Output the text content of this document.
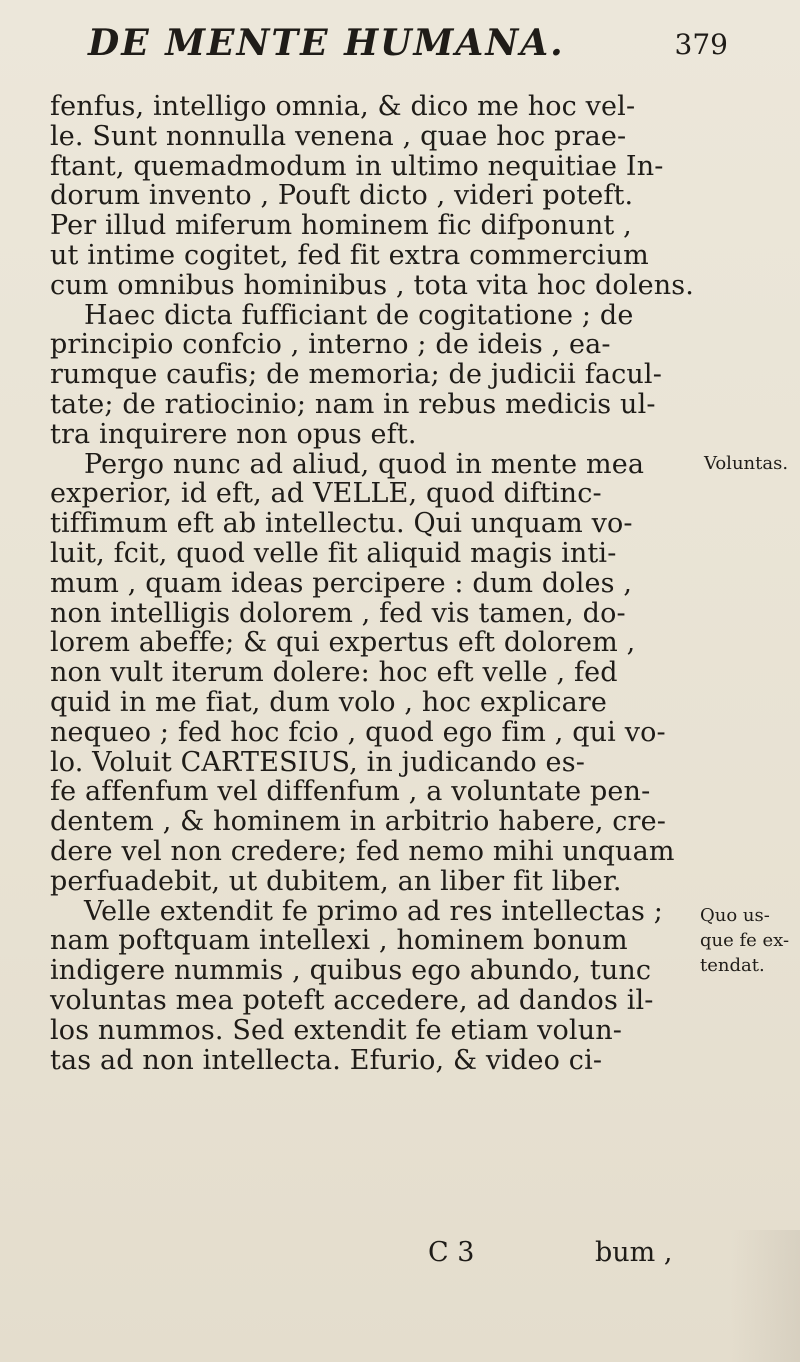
DE MENTE HUMANA.	379
fenfus, intelligo omnia, & dico me hoc vel-
le. Sunt nonnulla venena , quae hoc prae-
ftant, quemadmodum in ultimo nequitiae In-
dorum invento , Pouft dicto , videri poteft.
Per illud miferum hominem fic difponunt ,
ut intime cogitet, fed fit extra commercium
cum omnibus hominibus , tota vita hoc dolens.
Haec dicta fufficiant de cogitatione ; de
principio confcio , interno ; de ideis , ea-
rumque caufis; de memoria; de judicii facul-
tate; de ratiocinio; nam in rebus medicis ul-
tra inquirere non opus eft.
Pergo nunc ad aliud, quod in mente mea
experior, id eft, ad VELLE, quod diftinc-
tiffimum eft ab intellectu. Qui unquam vo-
luit, fcit, quod velle fit aliquid magis inti-
mum , quam ideas percipere : dum doles ,
non intelligis dolorem , fed vis tamen, do-
lorem abeffe; & qui expertus eft dolorem ,
non vult iterum dolere: hoc eft velle , fed
quid in me fiat, dum volo , hoc explicare
nequeo ; fed hoc fcio , quod ego fim , qui vo-
lo. Voluit CARTESIUS, in judicando es-
fe affenfum vel diffenfum , a voluntate pen-
dentem , & hominem in arbitrio habere, cre-
dere vel non credere; fed nemo mihi unquam
perfuadebit, ut dubitem, an liber fit liber.
Velle extendit fe primo ad res intellectas ;
nam poftquam intellexi , hominem bonum
indigere nummis , quibus ego abundo, tunc
voluntas mea poteft accedere, ad dandos il-
los nummos. Sed extendit fe etiam volun-
tas ad non intellecta. Efurio, & video ci-
Voluntas.
Quo us-
que fe ex-
tendat.
C 3	bum ,
